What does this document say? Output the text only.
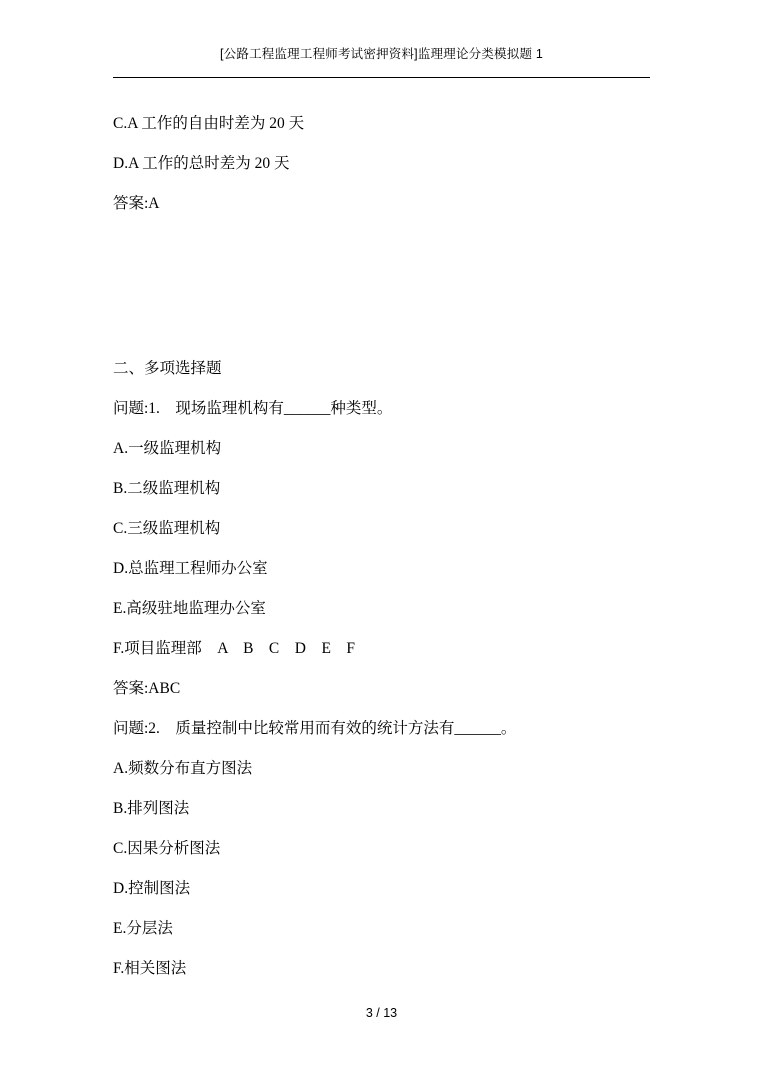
[公路工程监理工程师考试密押资料]监理理论分类模拟题 1
C.A 工作的自由时差为 20 天
D.A 工作的总时差为 20 天
答案:A
二、多项选择题
问题:1.　现场监理机构有______种类型。
A.一级监理机构
B.二级监理机构
C.三级监理机构
D.总监理工程师办公室
E.高级驻地监理办公室
F.项目监理部　A　B　C　D　E　F
答案:ABC
问题:2.　质量控制中比较常用而有效的统计方法有______。
A.频数分布直方图法
B.排列图法
C.因果分析图法
D.控制图法
E.分层法
F.相关图法
3 / 13
